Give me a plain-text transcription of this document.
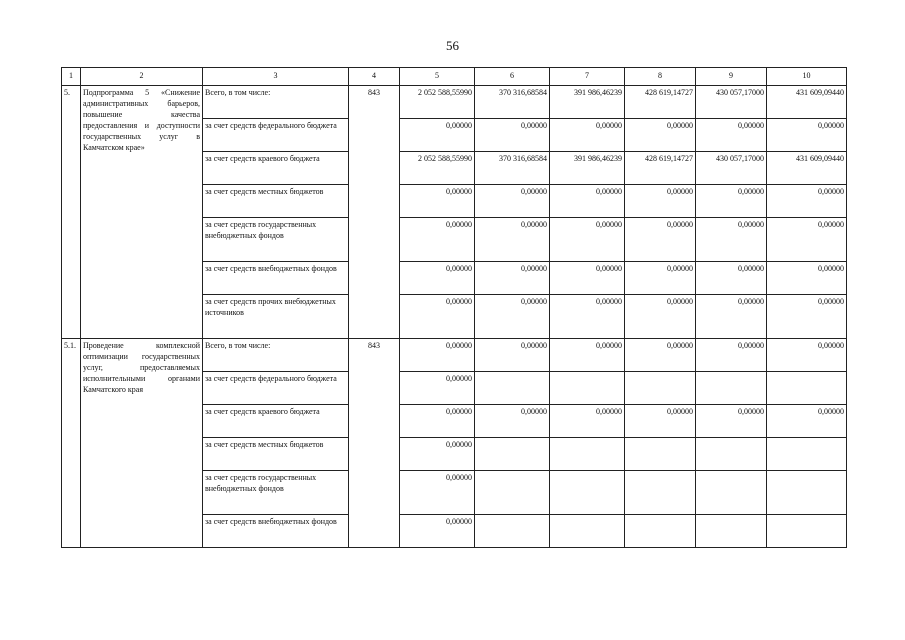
56
1	2	3	4	5	6	7	8	9	10
5.	Подпрограмма 5 «Снижение административных барьеров, повышение качества предоставления и доступности государственных услуг в Камчатском крае»	Всего, в том числе:	843	2 052 588,55990	370 316,68584	391 986,46239	428 619,14727	430 057,17000	431 609,09440
		за счет средств федерального бюджета		0,00000	0,00000	0,00000	0,00000	0,00000	0,00000
		за счет средств краевого бюджета		2 052 588,55990	370 316,68584	391 986,46239	428 619,14727	430 057,17000	431 609,09440
		за счет средств местных бюджетов		0,00000	0,00000	0,00000	0,00000	0,00000	0,00000
		за счет средств государственных внебюджетных фондов		0,00000	0,00000	0,00000	0,00000	0,00000	0,00000
		за счет средств внебюджетных фондов		0,00000	0,00000	0,00000	0,00000	0,00000	0,00000
		за счет средств прочих внебюджетных источников		0,00000	0,00000	0,00000	0,00000	0,00000	0,00000
5.1.	Проведение комплексной оптимизации государственных услуг, предоставляемых исполнительными органами Камчатского края	Всего, в том числе:	843	0,00000	0,00000	0,00000	0,00000	0,00000	0,00000
		за счет средств федерального бюджета		0,00000					
		за счет средств краевого бюджета		0,00000	0,00000	0,00000	0,00000	0,00000	0,00000
		за счет средств местных бюджетов		0,00000					
		за счет средств государственных внебюджетных фондов		0,00000					
		за счет средств внебюджетных фондов		0,00000					
